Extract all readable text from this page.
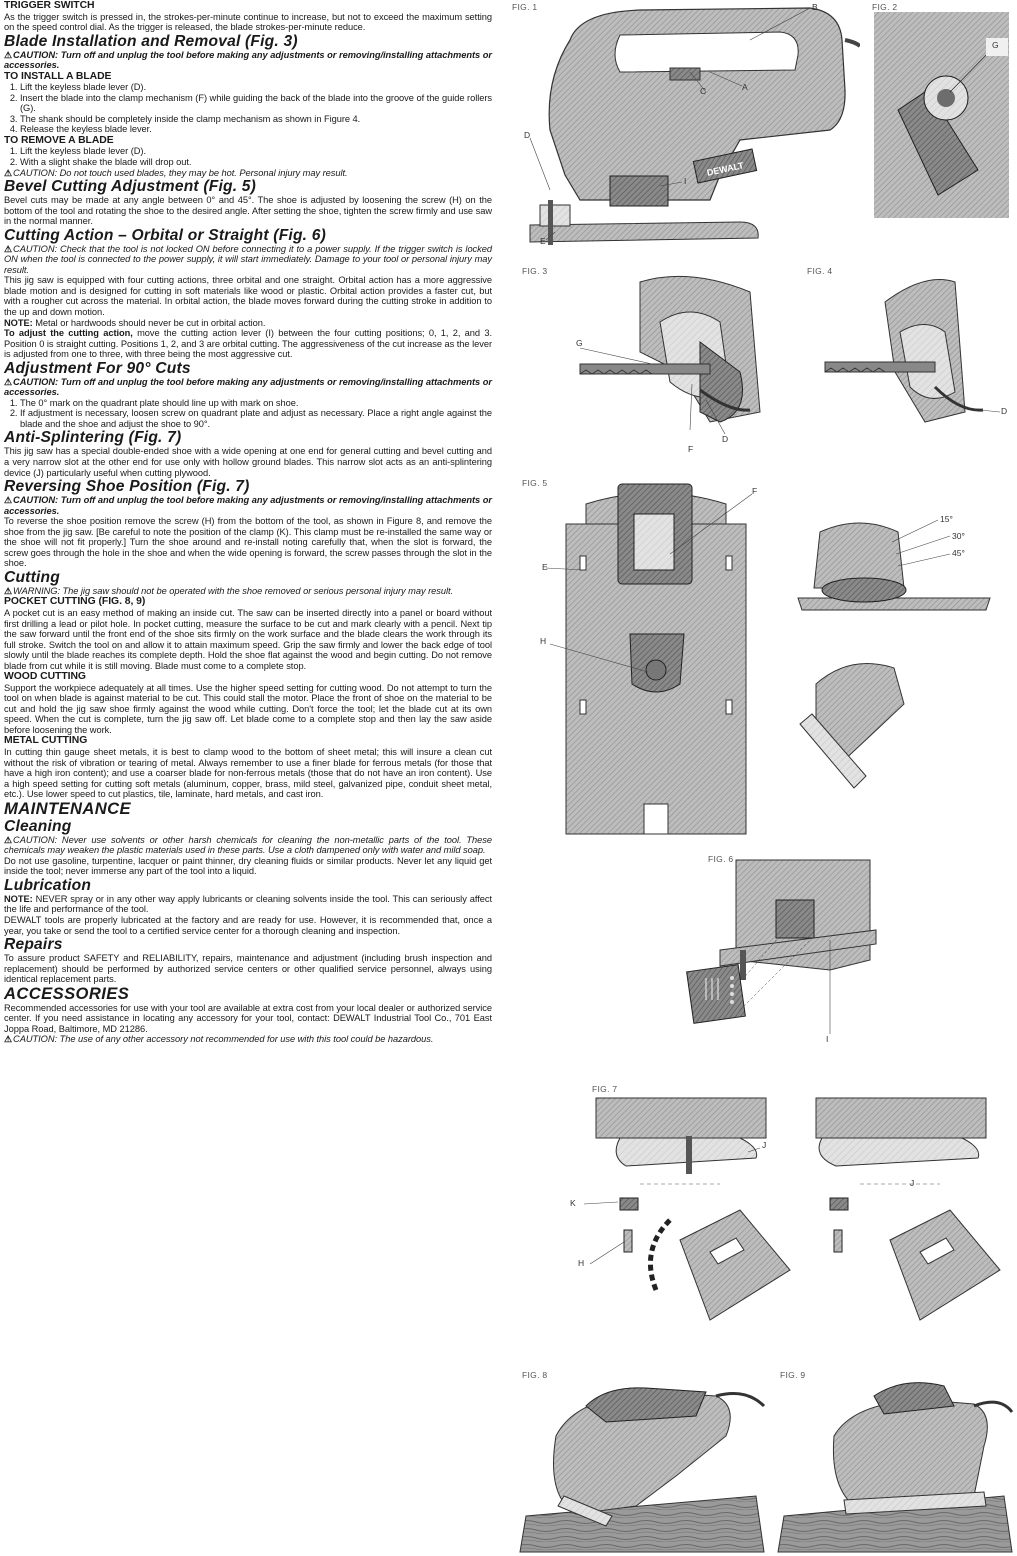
TRIGGER SWITCH

As the trigger switch is pressed in, the strokes-per-minute continue to increase, but not to exceed the maximum setting on the speed control dial. As the trigger is released, the blade strokes-per-minute reduce.

Blade Installation and Removal (Fig. 3)

⚠CAUTION: Turn off and unplug the tool before making any adjustments or removing/installing attachments or accessories.

TO INSTALL A BLADE

1. Lift the keyless blade lever (D).
2. Insert the blade into the clamp mechanism (F) while guiding the back of the blade into the groove of the guide rollers (G).
3. The shank should be completely inside the clamp mechanism as shown in Figure 4.
4. Release the keyless blade lever.

TO REMOVE A BLADE

1. Lift the keyless blade lever (D).
2. With a slight shake the blade will drop out.

⚠CAUTION: Do not touch used blades, they may be hot. Personal injury may result.

Bevel Cutting Adjustment (Fig. 5)

Bevel cuts may be made at any angle between 0° and 45°. The shoe is adjusted by loosening the screw (H) on the bottom of the tool and rotating the shoe to the desired angle. After setting the shoe, tighten the screw firmly and use saw in the normal manner.

Cutting Action – Orbital or Straight (Fig. 6)

⚠CAUTION: Check that the tool is not locked ON before connecting it to a power supply. If the trigger switch is locked ON when the tool is connected to the power supply, it will start immediately. Damage to your tool or personal injury may result.

This jig saw is equipped with four cutting actions, three orbital and one straight. Orbital action has a more aggressive blade motion and is designed for cutting in soft materials like wood or plastic. Orbital action provides a faster cut, but with a rougher cut across the material. In orbital action, the blade moves forward during the cutting stroke in addition to the up and down motion.

NOTE: Metal or hardwoods should never be cut in orbital action.

To adjust the cutting action, move the cutting action lever (I) between the four cutting positions; 0, 1, 2, and 3. Position 0 is straight cutting. Positions 1, 2, and 3 are orbital cutting. The aggressiveness of the cut increase as the lever is adjusted from one to three, with three being the most aggressive cut.

Adjustment For 90° Cuts

⚠CAUTION: Turn off and unplug the tool before making any adjustments or removing/installing attachments or accessories.

1. The 0° mark on the quadrant plate should line up with mark on shoe.
2. If adjustment is necessary, loosen screw on quadrant plate and adjust as necessary. Place a right angle against the blade and the shoe and adjust the shoe to 90°.

Anti-Splintering (Fig. 7)

This jig saw has a special double-ended shoe with a wide opening at one end for general cutting and bevel cutting and a very narrow slot at the other end for use only with hollow ground blades. This narrow slot acts as an anti-splintering device (J) particularly useful when cutting plywood.

Reversing Shoe Position (Fig. 7)

⚠CAUTION: Turn off and unplug the tool before making any adjustments or removing/installing attachments or accessories.

To reverse the shoe position remove the screw (H) from the bottom of the tool, as shown in Figure 8, and remove the shoe from the jig saw. [Be careful to note the position of the clamp (K). This clamp must be re-installed the same way or the shoe will not fit properly.] Turn the shoe around and re-install noting carefully that, when the slot is forward, the screw goes through the hole in the shoe and when the wide opening is forward, the screw passes through the slot in the shoe.

Cutting

⚠WARNING: The jig saw should not be operated with the shoe removed or serious personal injury may result.

POCKET CUTTING (FIG. 8, 9)

A pocket cut is an easy method of making an inside cut. The saw can be inserted directly into a panel or board without first drilling a lead or pilot hole. In pocket cutting, measure the surface to be cut and mark clearly with a pencil. Next tip the saw forward until the front end of the shoe sits firmly on the work surface and the blade clears the work through its full stroke. Switch the tool on and allow it to attain maximum speed. Grip the saw firmly and lower the back edge of tool slowly until the blade reaches its complete depth. Hold the shoe flat against the wood and begin cutting. Do not remove blade from cut while it is still moving. Blade must come to a complete stop.

WOOD CUTTING

Support the workpiece adequately at all times. Use the higher speed setting for cutting wood. Do not attempt to turn the tool on when blade is against material to be cut. This could stall the motor. Place the front of shoe on the material to be cut and hold the jig saw shoe firmly against the wood while cutting. Don't force the tool; let the blade cut at its own speed. When the cut is complete, turn the jig saw off. Let blade come to a complete stop and then lay the saw aside before loosening the work.

METAL CUTTING

In cutting thin gauge sheet metals, it is best to clamp wood to the bottom of sheet metal; this will insure a clean cut without the risk of vibration or tearing of metal. Always remember to use a finer blade for ferrous metals (for those that have a high iron content); and use a coarser blade for non-ferrous metals (those that do not have an iron content). Use a high speed setting for cutting soft metals (aluminum, copper, brass, mild steel, galvanized pipe, conduit sheet metal, etc.). Use lower speed to cut plastics, tile, laminate, hard metals, and cast iron.

MAINTENANCE

Cleaning

⚠CAUTION: Never use solvents or other harsh chemicals for cleaning the non-metallic parts of the tool. These chemicals may weaken the plastic materials used in these parts. Use a cloth dampened only with water and mild soap.

Do not use gasoline, turpentine, lacquer or paint thinner, dry cleaning fluids or similar products. Never let any liquid get inside the tool; never immerse any part of the tool into a liquid.

Lubrication

NOTE: NEVER spray or in any other way apply lubricants or cleaning solvents inside the tool. This can seriously affect the life and performance of the tool.

DEWALT tools are properly lubricated at the factory and are ready for use. However, it is recommended that, once a year, you take or send the tool to a certified service center for a thorough cleaning and inspection.

Repairs

To assure product SAFETY and RELIABILITY, repairs, maintenance and adjustment (including brush inspection and replacement) should be performed by authorized service centers or other qualified service personnel, always using identical replacement parts.

ACCESSORIES

Recommended accessories for use with your tool are available at extra cost from your local dealer or authorized service center. If you need assistance in locating any accessory for your tool, contact: DEWALT Industrial Tool Co., 701 East Joppa Road, Baltimore, MD 21286.

⚠CAUTION: The use of any other accessory not recommended for use with this tool could be hazardous.

FIG. 1
DEWALT
B
C	A
D
I
E
FIG. 2
G
FIG. 3
G
F
D
FIG. 4
D
FIG. 5
F
E
H
15°
30°
45°
FIG. 6
I
FIG. 7
J
K
H
J
FIG. 8	FIG. 9
